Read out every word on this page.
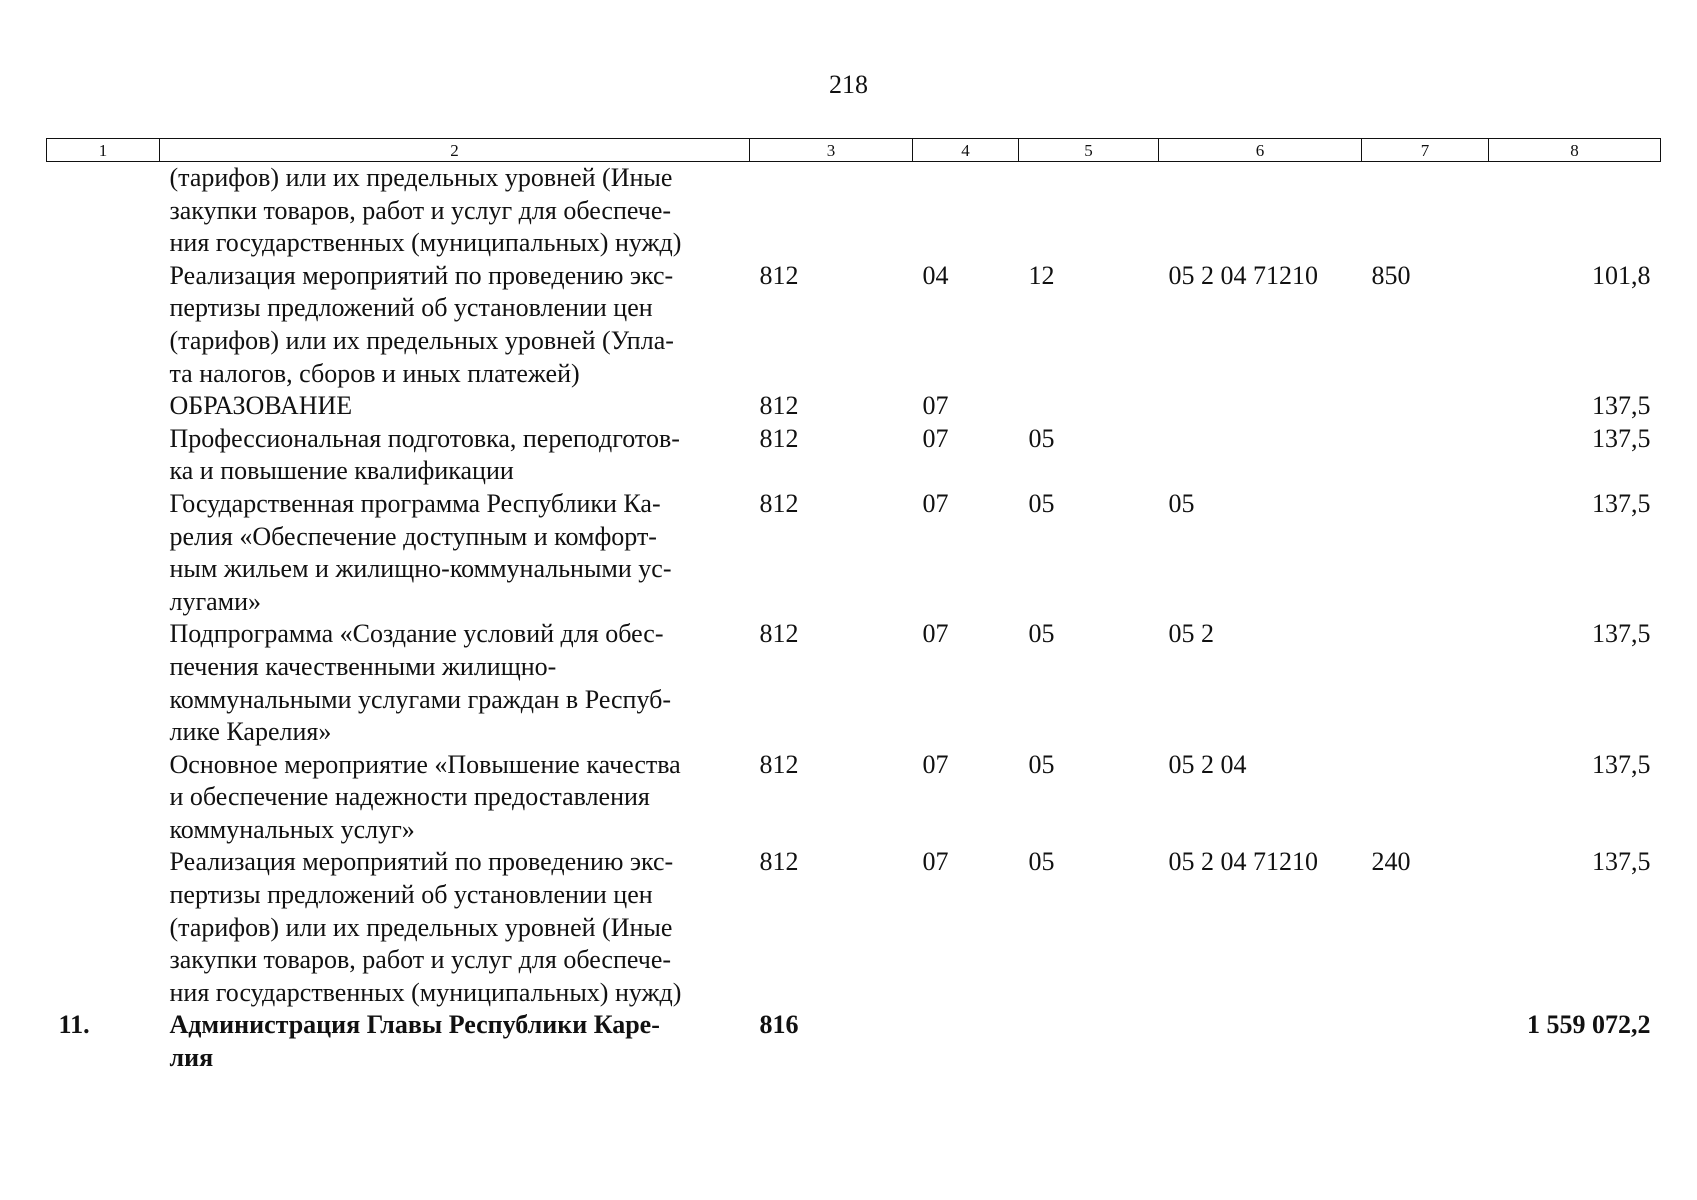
218
1	2	3	4	5	6	7	8

	(тарифов) или их предельных уровней (Иные
закупки товаров, работ и услуг для обеспече-
ния государственных (муниципальных) нужд)						

	Реализация мероприятий по проведению экс-
пертизы предложений об установлении цен
(тарифов) или их предельных уровней (Упла-
та налогов, сборов и иных платежей)	812	04	12	05 2 04 71210	850	101,8

	ОБРАЗОВАНИЕ	812	07				137,5

	Профессиональная подготовка, переподготов-
ка и повышение квалификации	812	07	05			137,5

	Государственная программа Республики Ка-
релия «Обеспечение доступным и комфорт-
ным жильем и жилищно-коммунальными ус-
лугами»	812	07	05	05		137,5

	Подпрограмма «Создание условий для обес-
печения качественными жилищно-
коммунальными услугами граждан в Респуб-
лике Карелия»	812	07	05	05 2		137,5

	Основное мероприятие «Повышение качества
и обеспечение надежности предоставления
коммунальных услуг»	812	07	05	05 2 04		137,5

	Реализация мероприятий по проведению экс-
пертизы предложений об установлении цен
(тарифов) или их предельных уровней (Иные
закупки товаров, работ и услуг для обеспече-
ния государственных (муниципальных) нужд)	812	07	05	05 2 04 71210	240	137,5
11.	Администрация Главы Республики Каре-
лия	816					1 559 072,2
